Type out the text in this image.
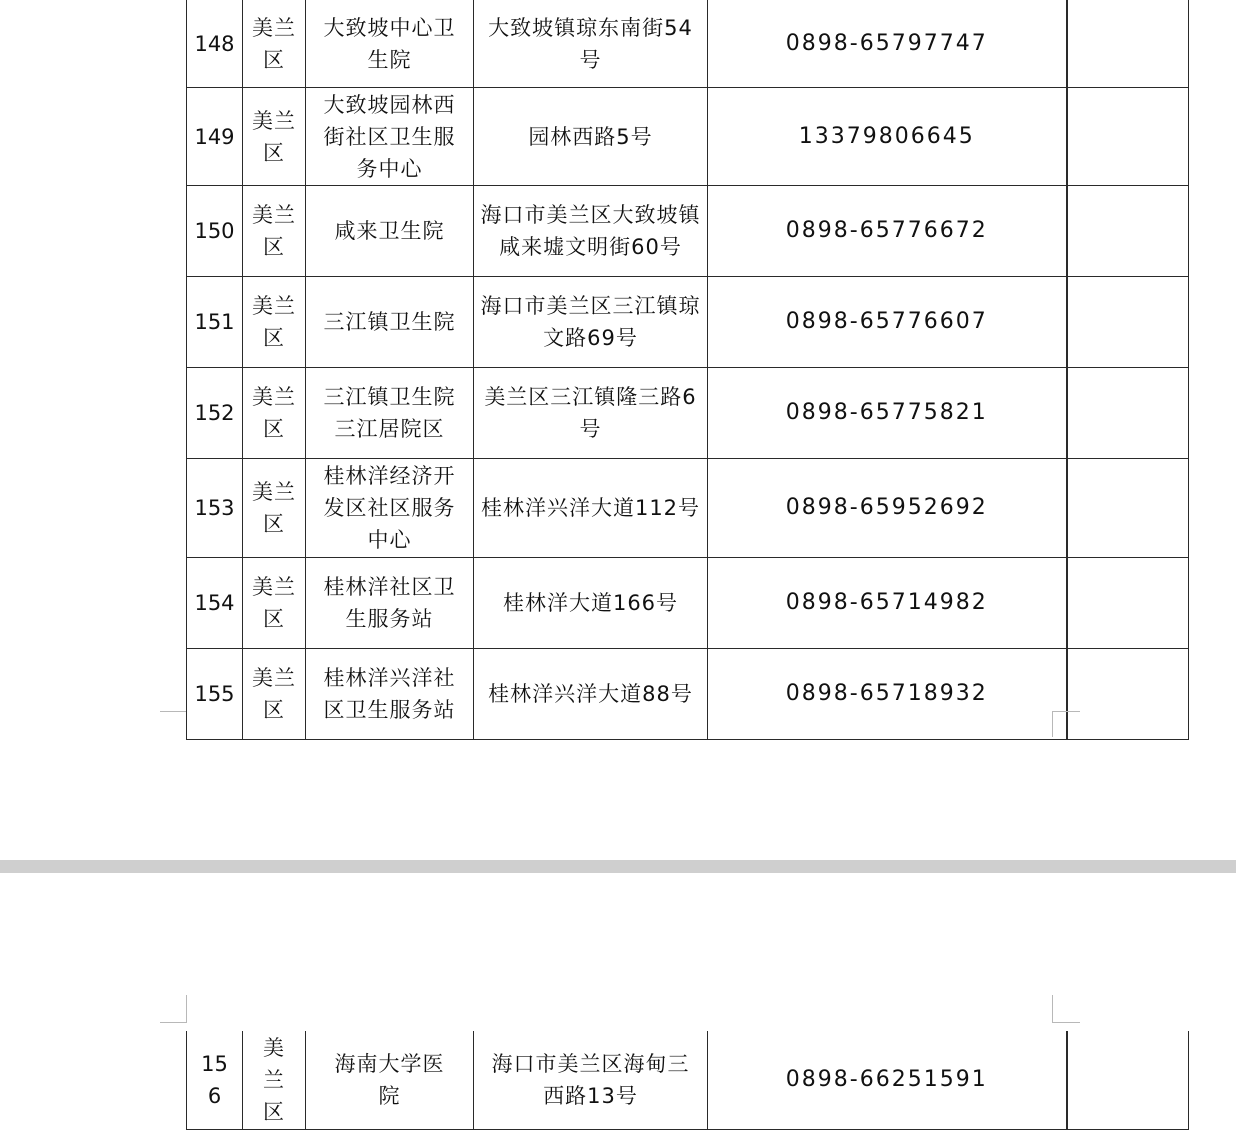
148	美兰区	大致坡中心卫生院	大致坡镇琼东南街54号	0898-65797747	
149	美兰区	大致坡园林西街社区卫生服务中心	园林西路5号	13379806645	
150	美兰区	咸来卫生院	海口市美兰区大致坡镇咸来墟文明街60号	0898-65776672	
151	美兰区	三江镇卫生院	海口市美兰区三江镇琼文路69号	0898-65776607	
152	美兰区	三江镇卫生院三江居院区	美兰区三江镇隆三路6号	0898-65775821	
153	美兰区	桂林洋经济开发区社区服务中心	桂林洋兴洋大道112号	0898-65952692	
154	美兰区	桂林洋社区卫生服务站	桂林洋大道166号	0898-65714982	
155	美兰区	桂林洋兴洋社区卫生服务站	桂林洋兴洋大道88号	0898-65718932	
156	美兰区	海南大学医院	海口市美兰区海甸三西路13号	0898-66251591	
